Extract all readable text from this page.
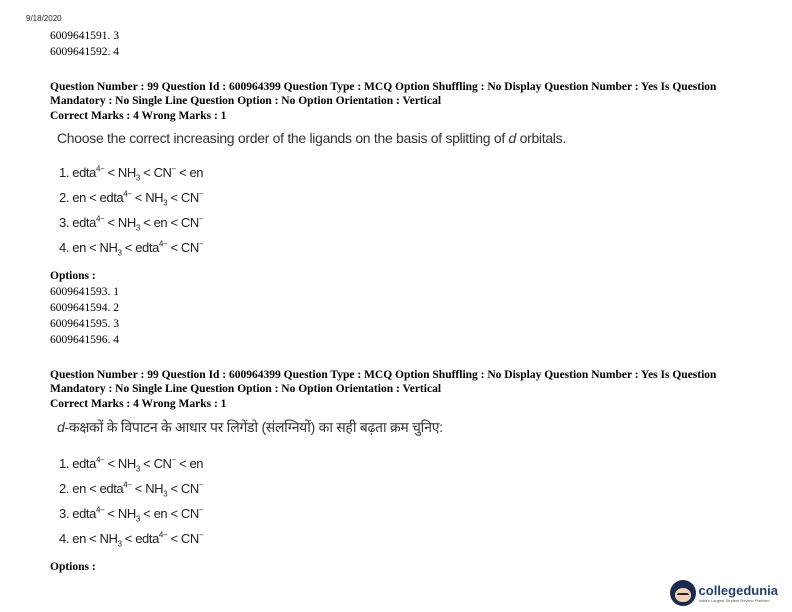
9/18/2020
6009641591. 3
6009641592. 4
Question Number : 99 Question Id : 600964399 Question Type : MCQ Option Shuffling : No Display Question Number : Yes Is Question Mandatory : No Single Line Question Option : No Option Orientation : Vertical
Correct Marks : 4 Wrong Marks : 1
Choose the correct increasing order of the ligands on the basis of splitting of d orbitals.
1. edta$^{4-}$ < $NH_3 < CN^-$ < en
2. en < edta$^{4-}$ < $NH_3 < CN^-$
3. edta$^{4-}$ < $NH_3$ < en < CN−
4. en < $NH_3$ < edta$^{4-}$ < CN−
Options :
6009641593. 1
6009641594. 2
6009641595. 3
6009641596. 4
Question Number : 99 Question Id : 600964399 Question Type : MCQ Option Shuffling : No Display Question Number : Yes Is Question Mandatory : No Single Line Question Option : No Option Orientation : Vertical
Correct Marks : 4 Wrong Marks : 1
d-कक्षकों के विपाटन के आधार पर लिगेंडो (संलग्नियों) का सही बढ़ता क्रम चुनिए:
1. edta$^{4-}$ < $NH_3 < CN^-$ < en
2. en < edta$^{4-}$ < $NH_3 < CN^-$
3. edta$^{4-}$ < $NH_3$ < en < CN−
4. en < $NH_3$ < edta$^{4-}$ < CN−
Options :
collegedunia
India's Largest Student Review Platform
